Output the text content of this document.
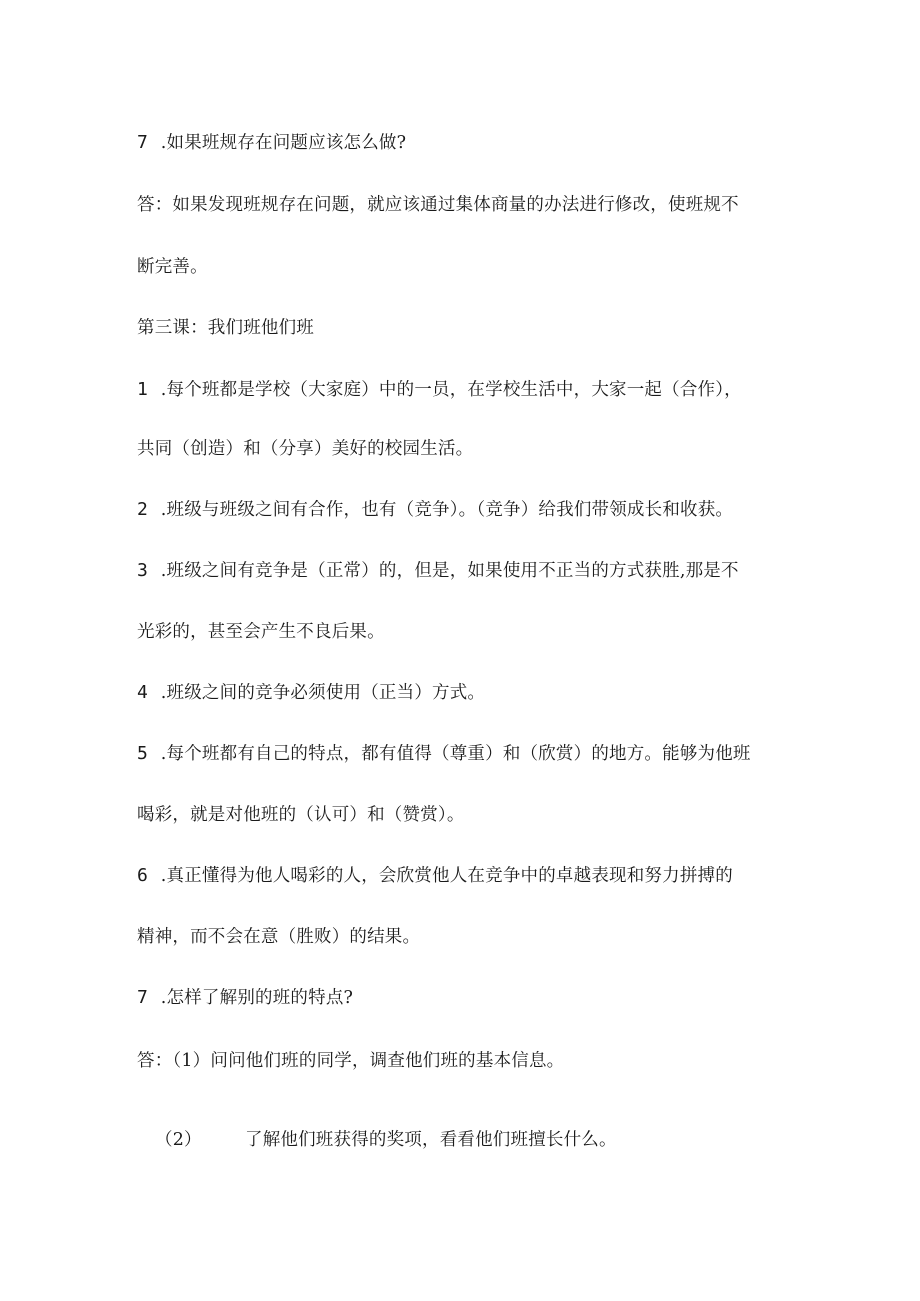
7 .如果班规存在问题应该怎么做?
答：如果发现班规存在问题，就应该通过集体商量的办法进行修改，使班规不
断完善。
第三课：我们班他们班
1 .每个班都是学校（大家庭）中的一员，在学校生活中，大家一起（合作），
共同（创造）和（分享）美好的校园生活。
2 .班级与班级之间有合作，也有（竞争）。（竞争）给我们带领成长和收获。
3 .班级之间有竞争是（正常）的，但是，如果使用不正当的方式获胜,那是不
光彩的，甚至会产生不良后果。
4 .班级之间的竞争必须使用（正当）方式。
5 .每个班都有自己的特点，都有值得（尊重）和（欣赏）的地方。能够为他班
喝彩，就是对他班的（认可）和（赞赏）。
6 .真正懂得为他人喝彩的人，会欣赏他人在竞争中的卓越表现和努力拼搏的
精神，而不会在意（胜败）的结果。
7 .怎样了解别的班的特点?
答：（1）问问他们班的同学，调查他们班的基本信息。
（2） 了解他们班获得的奖项，看看他们班擅长什么。
